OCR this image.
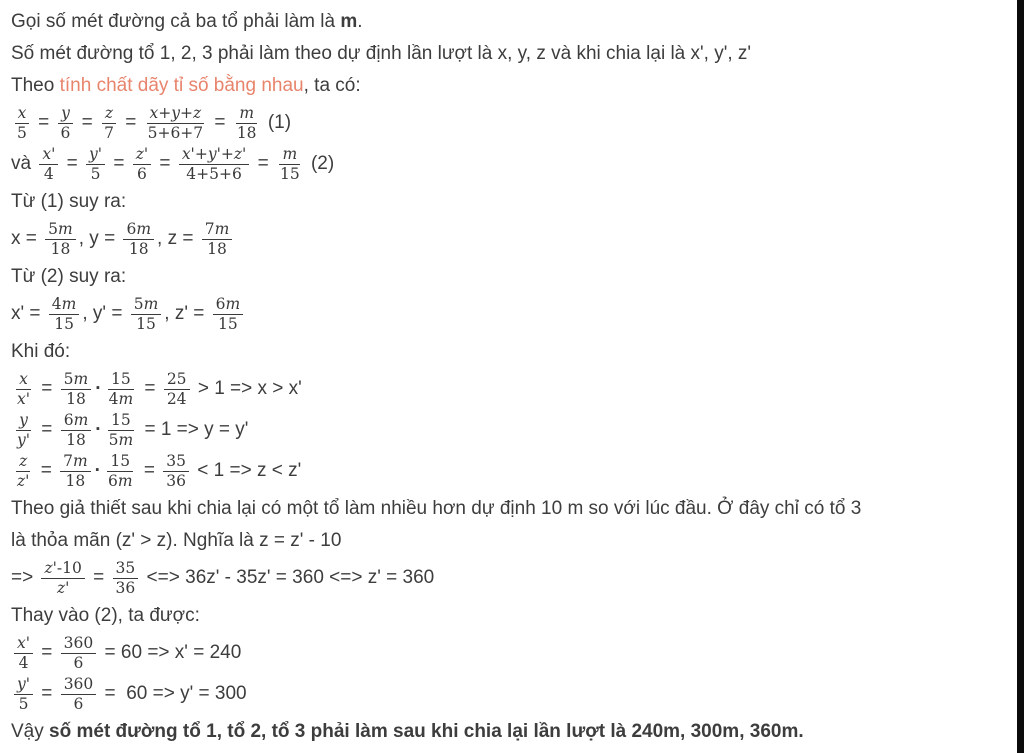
Gọi số mét đường cả ba tổ phải làm là m.
Số mét đường tổ 1, 2, 3 phải làm theo dự định lần lượt là x, y, z và khi chia lại là x', y', z'
Theo tính chất dãy tỉ số bằng nhau, ta có:
$\frac{x}{5} = \frac{y}{6} = \frac{z}{7} = \frac{x+y+z}{5+6+7} = \frac{m}{18} (1)$
và $\frac{x'}{4} = \frac{y'}{5} = \frac{z'}{6} = \frac{x'+y'+z'}{4+5+6} = \frac{m}{15} (2)$
Từ (1) suy ra:
$x = \frac{5m}{18}$ , $y = \frac{6m}{18}$ , $z = \frac{7m}{18}$
Từ (2) suy ra:
$x' = \frac{4m}{15}$ , $y' = \frac{5m}{15}$ , $z' = \frac{6m}{15}$
Khi đó:
$\frac{x}{x'} = \frac{5m}{18} \cdot \frac{15}{4m} = \frac{25}{24} > 1 => x > x'$
$\frac{y}{y'} = \frac{6m}{18} \cdot \frac{15}{5m} = 1 => y = y'$
$\frac{z}{z'} = \frac{7m}{18} \cdot \frac{15}{6m} = \frac{35}{36} < 1 => z < z'$
Theo giả thiết sau khi chia lại có một tổ làm nhiều hơn dự định 10 m so với lúc đầu. Ở đây chỉ có tổ 3
là thỏa mãn (z' > z). Nghĩa là z = z' - 10
=> $\frac{z'-10}{z'} = \frac{35}{36}$ <=> 36z' - 35z' = 360 <=> z' = 360
Thay vào (2), ta được:
$\frac{x'}{4} = \frac{360}{6} = 60 => x' = 240$
$\frac{y'}{5} = \frac{360}{6} = 60 => y' = 300$
Vậy số mét đường tổ 1, tổ 2, tổ 3 phải làm sau khi chia lại lần lượt là 240m, 300m, 360m.
